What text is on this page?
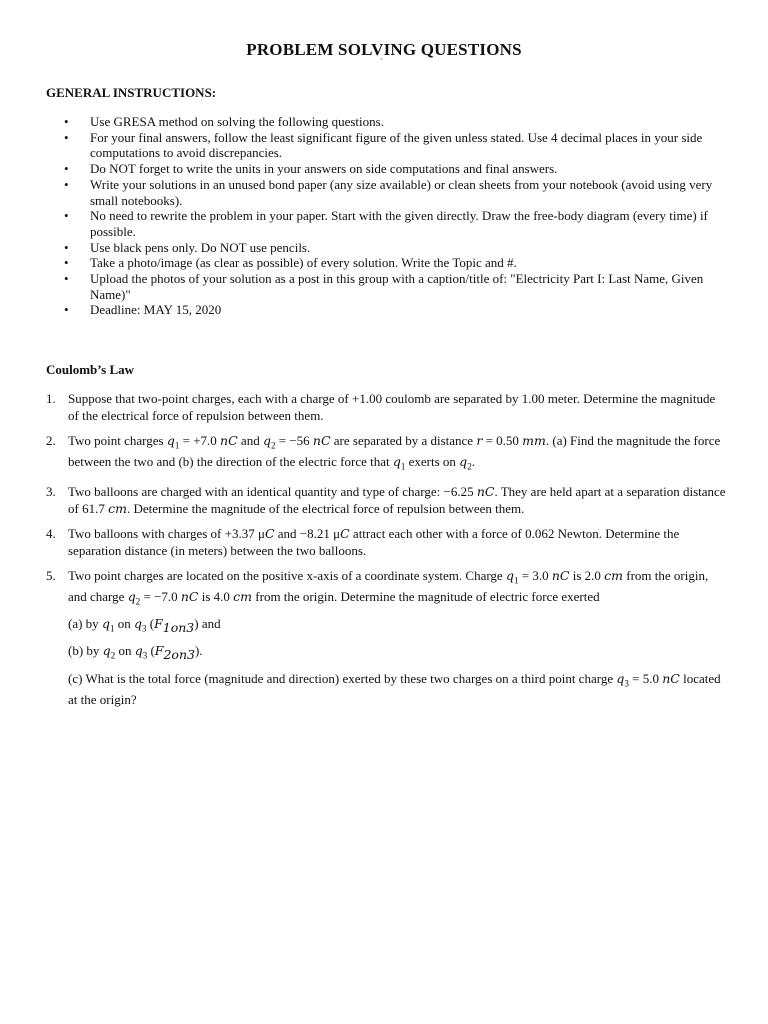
PROBLEM SOLVING QUESTIONS
`
GENERAL INSTRUCTIONS:
• Use GRESA method on solving the following questions.
• For your final answers, follow the least significant figure of the given unless stated. Use 4 decimal places in your side computations to avoid discrepancies.
• Do NOT forget to write the units in your answers on side computations and final answers.
• Write your solutions in an unused bond paper (any size available) or clean sheets from your notebook (avoid using very small notebooks).
• No need to rewrite the problem in your paper. Start with the given directly. Draw the free-body diagram (every time) if possible.
• Use black pens only. Do NOT use pencils.
• Take a photo/image (as clear as possible) of every solution. Write the Topic and #.
• Upload the photos of your solution as a post in this group with a caption/title of: "Electricity Part I: Last Name, Given Name)"
• Deadline: MAY 15, 2020
Coulomb’s Law
1. Suppose that two-point charges, each with a charge of +1.00 coulomb are separated by 1.00 meter. Determine the magnitude of the electrical force of repulsion between them.
2. Two point charges $q_1 = +7.0$ nC and $q_2 = -56$ nC are separated by a distance r = 0.50 mm. (a) Find the magnitude the force between the two and (b) the direction of the electric force that $q_1$ exerts on $q_2$.
3. Two balloons are charged with an identical quantity and type of charge: −6.25 nC. They are held apart at a separation distance of 61.7 cm. Determine the magnitude of the electrical force of repulsion between them.
4. Two balloons with charges of +3.37 μC and −8.21 μC attract each other with a force of 0.062 Newton. Determine the separation distance (in meters) between the two balloons.
5. Two point charges are located on the positive x-axis of a coordinate system. Charge $q_1 = 3.0$ nC is 2.0 cm from the origin, and charge $q_2 = -7.0$ nC is 4.0 cm from the origin. Determine the magnitude of electric force exerted
(a) by $q_1$ on $q_3$ $(F_{1on3})$ and
(b) by $q_2$ on $q_3$ $(F_{2on3})$.
(c) What is the total force (magnitude and direction) exerted by these two charges on a third point charge $q_3 = 5.0$ nC located at the origin?
